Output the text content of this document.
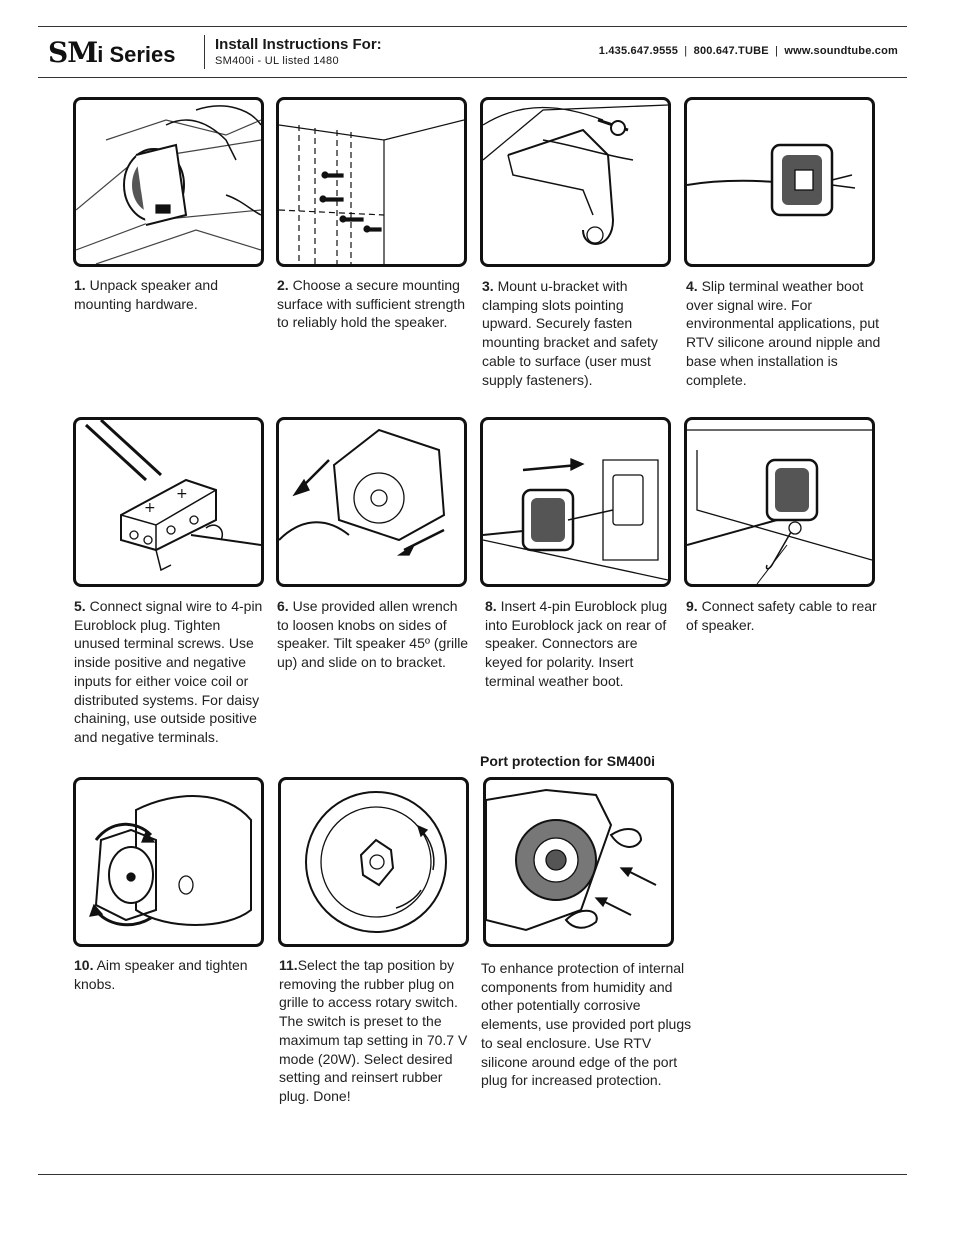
SMi Series	Install Instructions For:
SM400i - UL listed 1480
1.435.647.9555 | 800.647.TUBE | www.soundtube.com
1. Unpack speaker and mounting hardware.
2. Choose a secure mounting surface with sufficient strength to reliably hold the speaker.
3. Mount u-bracket with clamping slots pointing upward. Securely fasten mounting bracket and safety cable to surface (user must supply fasteners).
4. Slip terminal weather boot over signal wire. For environmental applications, put RTV silicone around nipple and base when installation is complete.
+
+
5. Connect signal wire to 4-pin Euroblock plug. Tighten unused terminal screws. Use inside positive and negative inputs for either voice coil or distributed systems. For daisy chaining, use outside positive and negative terminals.
6. Use provided allen wrench to loosen knobs on sides of speaker. Tilt speaker 45º (grille up) and slide on to bracket.
8. Insert 4-pin Euroblock plug into Euroblock jack on rear of speaker. Connectors are keyed for polarity. Insert terminal weather boot.
9. Connect safety cable to rear of speaker.
Port protection for SM400i
10. Aim speaker and tighten knobs.
11.Select the tap position by removing the rubber plug on grille to access rotary switch. The switch is preset to the maximum tap setting in 70.7 V mode (20W). Select desired setting and reinsert rubber plug. Done!
To enhance protection of internal components from humidity and other potentially corrosive elements, use provided port plugs to seal enclosure. Use RTV silicone around edge of the port plug for increased protection.
